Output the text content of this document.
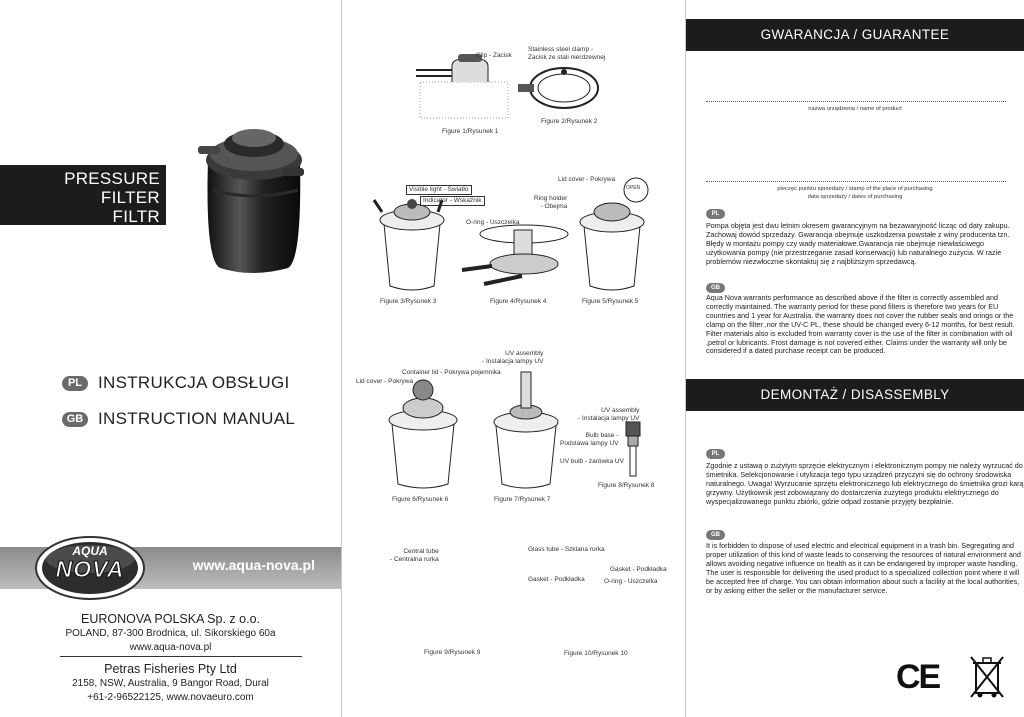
PRESSURE FILTER
FILTR CIŚNIENIOWY
NPF-10 / NPF-20 / NPF-30 / NPF-40
PL INSTRUKCJA OBSŁUGI
GB INSTRUCTION MANUAL
www.aqua-nova.pl
AQUA
NOVA
EURONOVA POLSKA Sp. z o.o.
POLAND, 87-300 Brodnica, ul. Sikorskiego 60a
www.aqua-nova.pl
Petras Fisheries Pty Ltd
2158, NSW, Australia, 9 Bangor Road, Dural
+61-2-96522125, www.novaeuro.com
Clip - Zacisk
Figure 1/Rysunek 1
Stainless steel clamp -
Zacisk ze stali nierdzewnej
Figure 2/Rysunek 2
Visible light - Światło
Indicator - Wskaźnik
Figure 3/Rysunek 3
O-ring - Uszczelka
Ring holder
- Obejma
Figure 4/Rysunek 4
Lid cover - Pokrywa
OPEN
Figure 5/Rysunek 5
Container lid - Pokrywa pojemnika
Lid cover - Pokrywa
Figure 6/Rysunek 6
UV assembly
- Instalacja lampy UV
Figure 7/Rysunek 7
UV assembly
- Instalacja lampy UV
Bulb base -
Podstawa lampy UV
UV bulb - żarówka UV
Figure 8/Rysunek 8
Central tube
- Centralna rurka
Figure 9/Rysunek 9
Glass tube - Szklana rurka
Gasket - Podkładka
Gasket - Podkładka	O-ring - Uszczelka
Figure 10/Rysunek 10
GWARANCJA / GUARANTEE
nazwa urządzenia / name of product
pieczęc punktu sprzedaży / stamp of the place of purchasing
data sprzedaży / dates of purchasing
PL
Pompa objęta jest dwu letnim okresem gwarancyjnym na bezawaryjność licząc od daty zakupu. Zachowaj dowód sprzedaży. Gwarancja obejmuje uszkodzenia powstałe z winy producenta tzn. Błędy w montażu pompy czy wady materiałowe.Gwarancja nie obejmuje niewłaściwego użytkowania pompy (nie przestrzeganie zasad konserwacji) lub naturalnego zużycia. W razie problemów niezwłocznie skontaktuj się z najbliższym sprzedawcą.
GB
Aqua Nova warrants performance as described above if the filter is correctly assembled and correctly maintained. The warranty period for these pond filters is therefore two years for EU countries and 1 year for Australia. the warranty does not cover the rubber seals and orings or the clamp on the filter ,nor the UV-C PL, these should be changed every 6-12 months, for best result. Filter materials also is excluded from warranty cover is the use of the filter in combination with oil ,petrol or lubricants. Frost damage is not covered either. Claims under the warranty will only be considered if a dated purchase receipt can be produced.
DEMONTAŻ / DISASSEMBLY
PL
Zgodnie z ustawą o zużytym sprzęcie elektrycznym i elektronicznym pompy nie należy wyrzucać do śmietnika. Selekcjonowanie i utylizacja tego typu urządzeń przyczyni się do ochrony środowiska naturalnego. Uwaga! Wyrzucanie sprzętu elektronicznego lub elektrycznego do śmietnika grozi karą grzywny. Użytkownik jest zobowiązany do dostarczenia zużytego produktu elektrycznego do wyspecjalizowanego punktu zbiórki, gdzie odpad zostanie przyjęty bezpłatnie.
GB
It is forbidden to dispose of used electric and electrical equipment in a trash bin. Segregating and proper utilization of this kind of waste leads to conserving the resources of natural environment and allows avoiding negative influence on health as it can be endangered by improper waste handling. The user is responsible for delivering the used product to a specialized collection point where it will be accepted free of charge. You can obtain information about such a facility at the local authorities, or by asking either the seller or the manufacturer service.
CE
